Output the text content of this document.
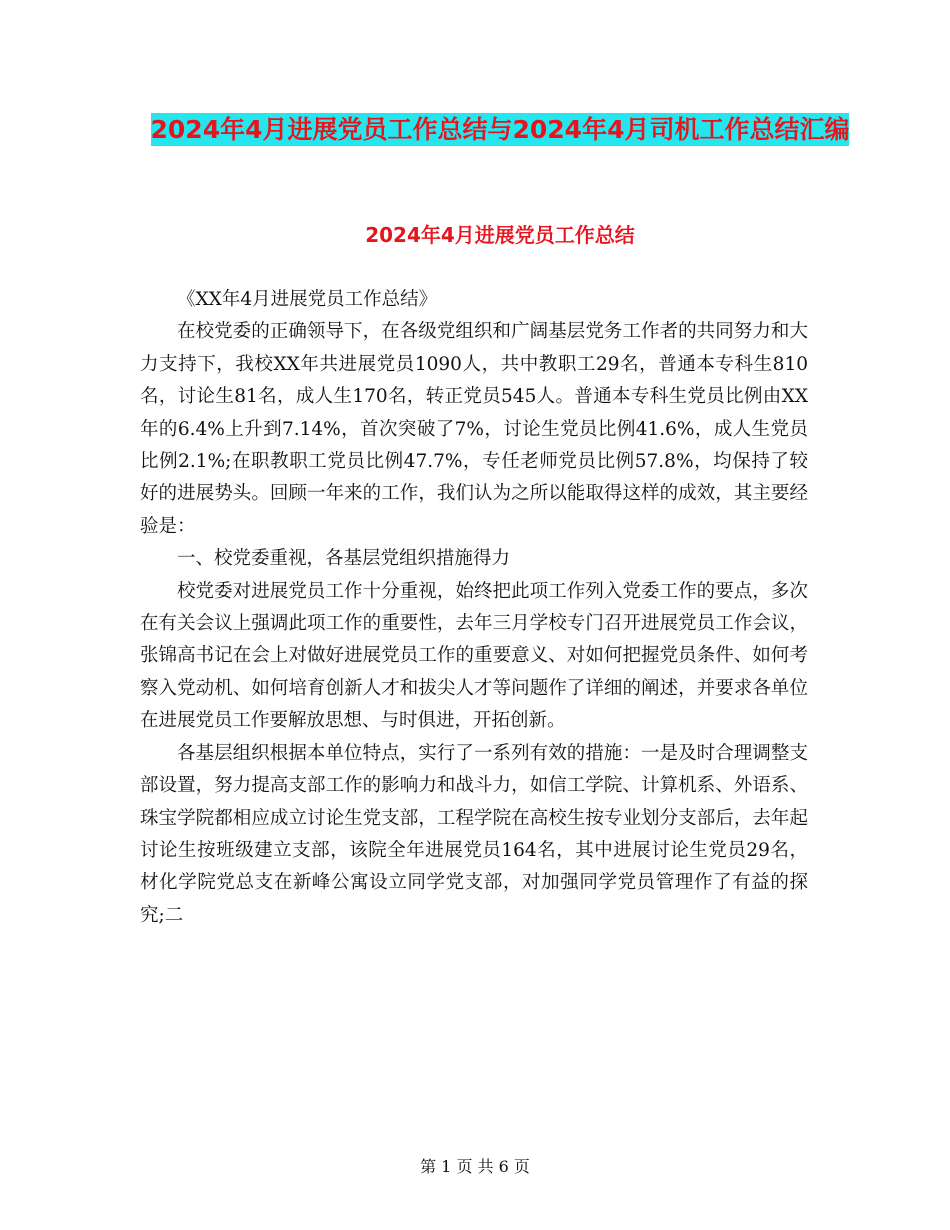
2024年4月进展党员工作总结与2024年4月司机工作总结汇编
2024年4月进展党员工作总结

《XX年4月进展党员工作总结》

在校党委的正确领导下，在各级党组织和广阔基层党务工作者的共同努力和大力支持下，我校XX年共进展党员1090人，共中教职工29名，普通本专科生810名，讨论生81名，成人生170名，转正党员545人。普通本专科生党员比例由XX年的6.4%上升到7.14%，首次突破了7%，讨论生党员比例41.6%，成人生党员比例2.1%;在职教职工党员比例47.7%，专任老师党员比例57.8%，均保持了较好的进展势头。回顾一年来的工作，我们认为之所以能取得这样的成效，其主要经验是：

一、校党委重视，各基层党组织措施得力

校党委对进展党员工作十分重视，始终把此项工作列入党委工作的要点，多次在有关会议上强调此项工作的重要性，去年三月学校专门召开进展党员工作会议，张锦高书记在会上对做好进展党员工作的重要意义、对如何把握党员条件、如何考察入党动机、如何培育创新人才和拔尖人才等问题作了详细的阐述，并要求各单位在进展党员工作要解放思想、与时俱进，开拓创新。

各基层组织根据本单位特点，实行了一系列有效的措施：一是及时合理调整支部设置，努力提高支部工作的影响力和战斗力，如信工学院、计算机系、外语系、珠宝学院都相应成立讨论生党支部，工程学院在高校生按专业划分支部后，去年起讨论生按班级建立支部，该院全年进展党员164名，其中进展讨论生党员29名，材化学院党总支在新峰公寓设立同学党支部，对加强同学党员管理作了有益的探究;二

第 1 页 共 6 页
